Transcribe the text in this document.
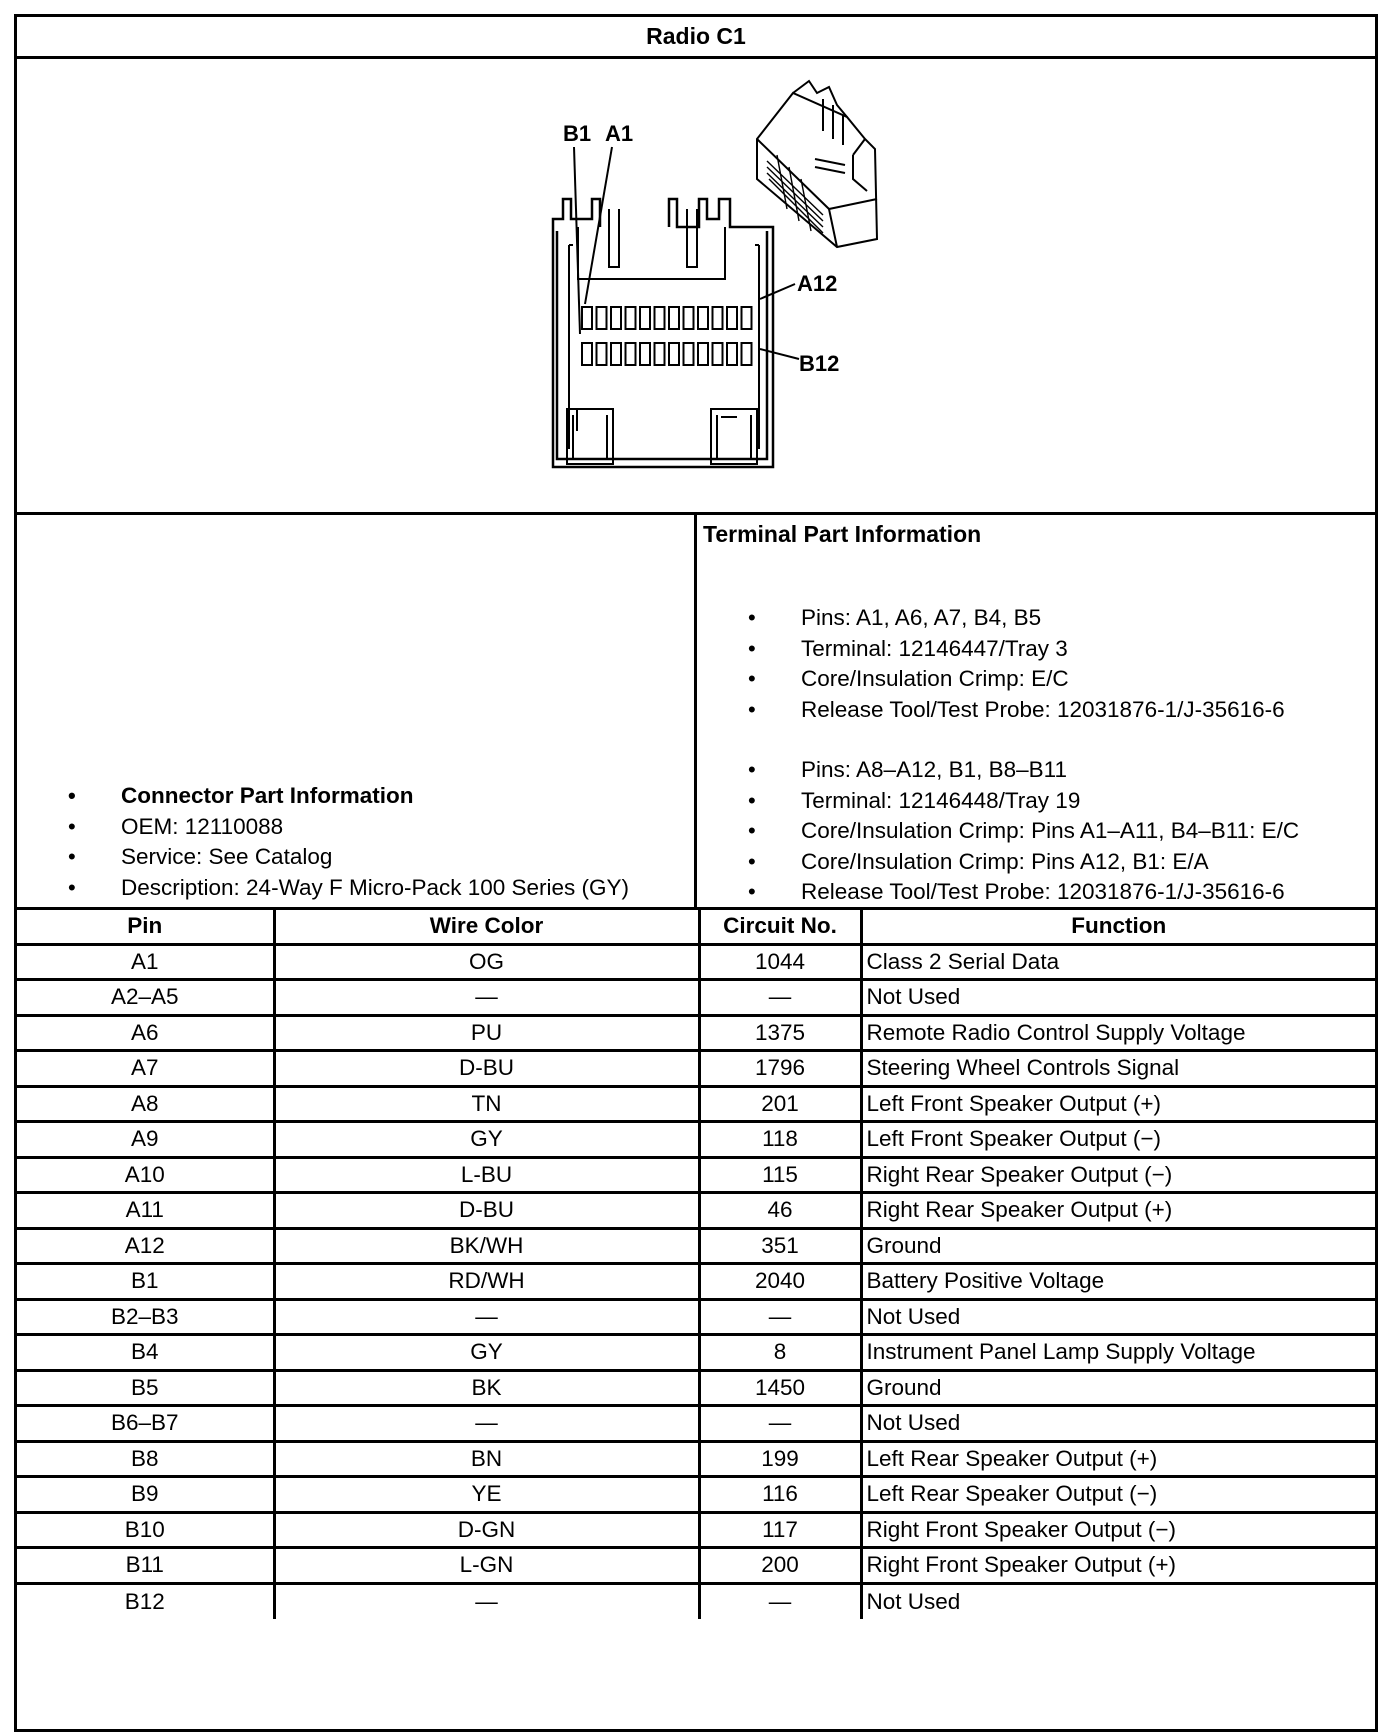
Radio C1
B1 A1
A12
B12
• Connector Part Information
• OEM: 12110088
• Service: See Catalog
• Description: 24-Way F Micro-Pack 100 Series (GY)
Terminal Part Information
• Pins: A1, A6, A7, B4, B5
• Terminal: 12146447/Tray 3
• Core/Insulation Crimp: E/C
• Release Tool/Test Probe: 12031876-1/J-35616-6
• Pins: A8–A12, B1, B8–B11
• Terminal: 12146448/Tray 19
• Core/Insulation Crimp: Pins A1–A11, B4–B11: E/C
• Core/Insulation Crimp: Pins A12, B1: E/A
• Release Tool/Test Probe: 12031876-1/J-35616-6
Pin	Wire Color	Circuit No.	Function
A1	OG	1044	Class 2 Serial Data
A2–A5	—	—	Not Used
A6	PU	1375	Remote Radio Control Supply Voltage
A7	D-BU	1796	Steering Wheel Controls Signal
A8	TN	201	Left Front Speaker Output (+)
A9	GY	118	Left Front Speaker Output (−)
A10	L-BU	115	Right Rear Speaker Output (−)
A11	D-BU	46	Right Rear Speaker Output (+)
A12	BK/WH	351	Ground
B1	RD/WH	2040	Battery Positive Voltage
B2–B3	—	—	Not Used
B4	GY	8	Instrument Panel Lamp Supply Voltage
B5	BK	1450	Ground
B6–B7	—	—	Not Used
B8	BN	199	Left Rear Speaker Output (+)
B9	YE	116	Left Rear Speaker Output (−)
B10	D-GN	117	Right Front Speaker Output (−)
B11	L-GN	200	Right Front Speaker Output (+)
B12	—	—	Not Used
